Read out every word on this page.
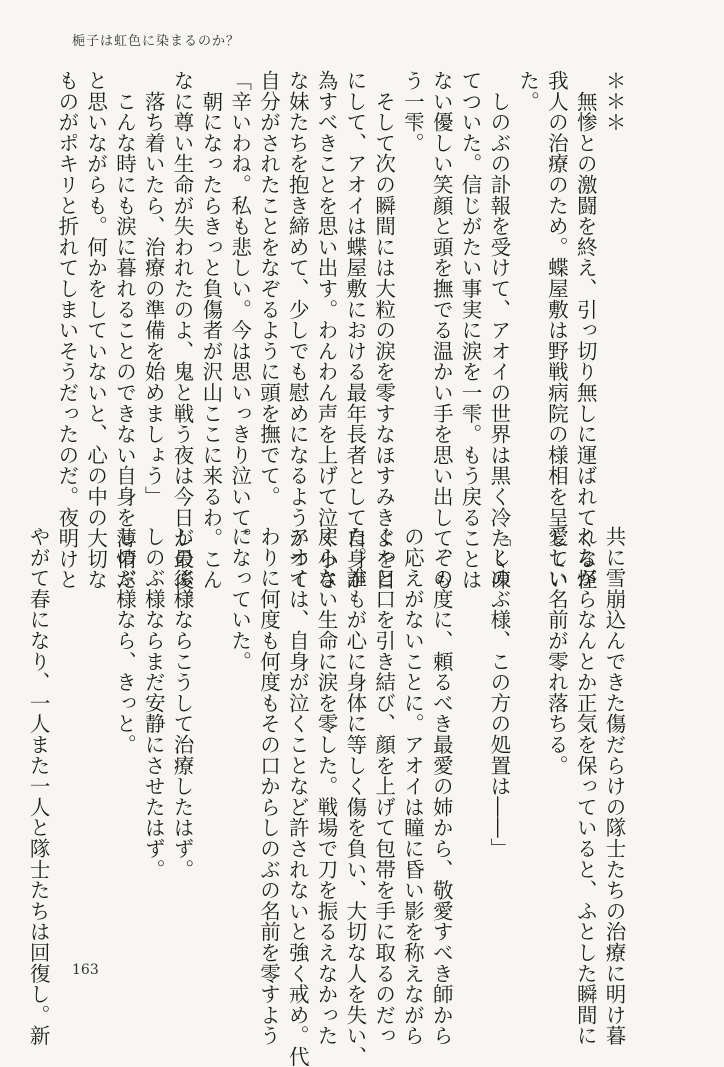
梔子は虹色に染まるのか？
＊＊＊
　無惨との激闘を終え、引っ切り無しに運ばれてくる怪
我人の治療のため。蝶屋敷は野戦病院の様相を呈してい
た。
　しのぶの訃報を受けて、アオイの世界は黒く冷たく凍
てついた。信じがたい事実に涙を一雫。もう戻ることは
ない優しい笑顔と頭を撫でる温かい手を思い出して、も
う一雫。
　そして次の瞬間には大粒の涙を零すなほすみきよを目
にして、アオイは蝶屋敷における最年長者として自身が
為すべきことを思い出す。わんわん声を上げて泣く小さ
な妹たちを抱き締めて、少しでも慰めになるようかつて
自分がされたことをなぞるように頭を撫でて。
「辛いわね。私も悲しい。今は思いっきり泣いて。
　朝になったらきっと負傷者が沢山ここに来るわ。こん
なに尊い生命が失われたのよ、鬼と戦う夜は今日が最後。
　落ち着いたら、治療の準備を始めましょう」
　こんな時にも涙に暮れることのできない自身を薄情だ
と思いながらも。何かをしていないと、心の中の大切な
ものがポキリと折れてしまいそうだったのだ。夜明けと
共に雪崩込んできた傷だらけの隊士たちの治療に明け暮
れながらなんとか正気を保っていると、ふとした瞬間に
愛しい名前が零れ落ちる。

「しのぶ様、この方の処置は――」

　その度に、頼るべき最愛の姉から、敬愛すべき師から
の応えがないことに。アオイは瞳に昏い影を称えながら
ぐっと口を引き結び、顔を上げて包帯を手に取るのだっ
た。誰もが心に身体に等しく傷を負い、大切な人を失い、
戻らない生命に涙を零した。戦場で刀を振るえなかった
アオイは、自身が泣くことなど許されないと強く戒め。代
わりに何度も何度もその口からしのぶの名前を零すよう
になっていた。

しのぶ様ならこうして治療したはず。
しのぶ様ならまだ安静にさせたはず。
しのぶ様なら、きっと。

やがて春になり、一人また一人と隊士たちは回復し。新 163
